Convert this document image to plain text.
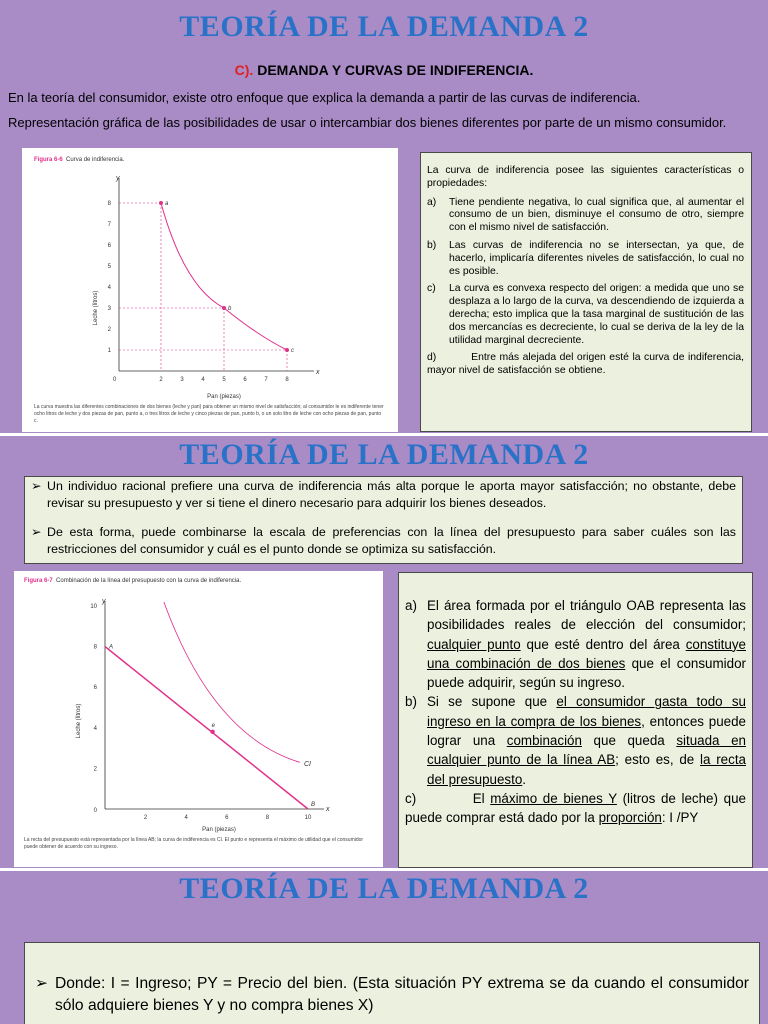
TEORÍA DE LA DEMANDA 2
C). DEMANDA Y CURVAS DE INDIFERENCIA.
En la teoría del consumidor, existe otro enfoque que explica la demanda a partir de las curvas de indiferencia.
Representación gráfica de las posibilidades de usar o intercambiar dos bienes diferentes por parte de un mismo consumidor.
Figura 6-6 Curva de indiferencia.
Leche (litros)
Pan (piezas)
y
x
0	2	3	4	5	6	7	8
1
2
3
4
5
6
7
8	a
b
c
La curva muestra las diferentes combinaciones de dos bienes (leche y pan) para obtener un mismo nivel de satisfacción; al consumidor le es indiferente tener ocho litros de leche y dos piezas de pan, punto a, o tres litros de leche y cinco piezas de pan, punto b, o un solo litro de leche con ocho piezas de pan, punto c.
La curva de indiferencia posee las siguientes características o propiedades:
a)	Tiene pendiente negativa, lo cual significa que, al aumentar el consumo de un bien, disminuye el consumo de otro, siempre con el mismo nivel de satisfacción.
b)	Las curvas de indiferencia no se intersectan, ya que, de hacerlo, implicaría diferentes niveles de satisfacción, lo cual no es posible.
c)	La curva es convexa respecto del origen: a medida que uno se desplaza a lo largo de la curva, va descendiendo de izquierda a derecha; esto implica que la tasa marginal de sustitución de las dos mercancías es decreciente, lo cual se deriva de la ley de la utilidad marginal decreciente.
d)	Entre más alejada del origen esté la curva de indiferencia, mayor nivel de satisfacción se obtiene.
TEORÍA DE LA DEMANDA 2
➢ Un individuo racional prefiere una curva de indiferencia más alta porque le aporta mayor satisfacción; no obstante, debe revisar su presupuesto y ver si tiene el dinero necesario para adquirir los bienes deseados.
➢ De esta forma, puede combinarse la escala de preferencias con la línea del presupuesto para saber cuáles son las restricciones del consumidor y cuál es el punto donde se optimiza su satisfacción.
Figura 6-7 Combinación de la línea del presupuesto con la curva de indiferencia.
Leche (litros)
Pan (piezas)
y
x
CI
0
2	4	6	8	10
2
4
6
8
10
A
B
e
La recta del presupuesto está representada por la línea AB; la curva de indiferencia es CI. El punto e representa el máximo de utilidad que el consumidor puede obtener de acuerdo con su ingreso.
a) El área formada por el triángulo OAB representa las posibilidades reales de elección del consumidor; cualquier punto que esté dentro del área constituye una combinación de dos bienes que el consumidor puede adquirir, según su ingreso.
b) Si se supone que el consumidor gasta todo su ingreso en la compra de los bienes, entonces puede lograr una combinación que queda situada en cualquier punto de la línea AB; esto es, de la recta del presupuesto.
c)	El máximo de bienes Y (litros de leche) que puede comprar está dado por la proporción: I /PY
TEORÍA DE LA DEMANDA 2
➢ Donde: I = Ingreso; PY = Precio del bien. (Esta situación PY extrema se da cuando el consumidor sólo adquiere bienes Y y no compra bienes X)
